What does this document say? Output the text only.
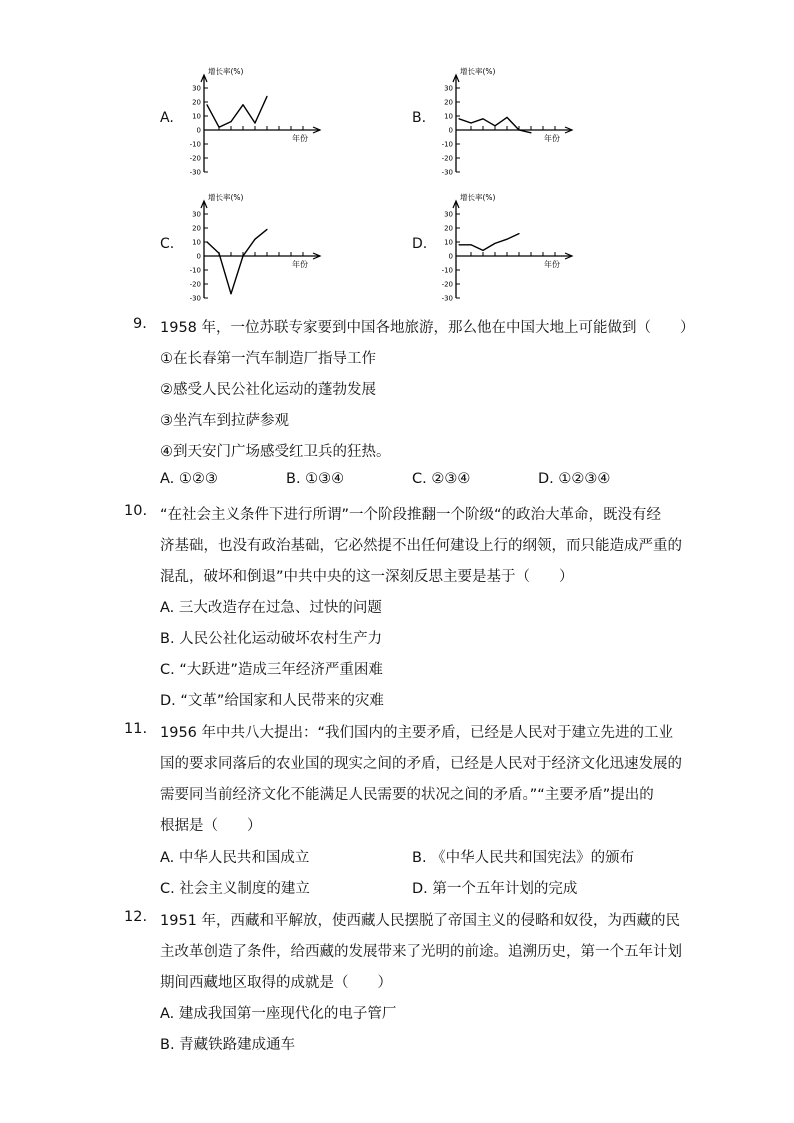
A.
30
20
10
0
-10
-20
-30
增长率(%)
年份
B.
30
20
10
0
-10
-20
-30
增长率(%)
年份
C.
30
20
10
0
-10
-20
-30
增长率(%)
年份
D.
30
20
10
0
-10
-20
-30
增长率(%)
年份
9. 1958 年，一位苏联专家要到中国各地旅游，那么他在中国大地上可能做到（　　）
①在长春第一汽车制造厂指导工作
②感受人民公社化运动的蓬勃发展
③坐汽车到拉萨参观
④到天安门广场感受红卫兵的狂热。
A. ①②③	B. ①③④	C. ②③④	D. ①②③④
10. “在社会主义条件下进行所谓”一个阶段推翻一个阶级“的政治大革命，既没有经
济基础，也没有政治基础，它必然提不出任何建设上行的纲领，而只能造成严重的
混乱，破坏和倒退”中共中央的这一深刻反思主要是基于（　　）
A. 三大改造存在过急、过快的问题
B. 人民公社化运动破坏农村生产力
C. “大跃进”造成三年经济严重困难
D. “文革”给国家和人民带来的灾难
11. 1956 年中共八大提出：“我们国内的主要矛盾，已经是人民对于建立先进的工业
国的要求同落后的农业国的现实之间的矛盾，已经是人民对于经济文化迅速发展的
需要同当前经济文化不能满足人民需要的状况之间的矛盾。”“主要矛盾”提出的
根据是（　　）
A. 中华人民共和国成立	B. 《中华人民共和国宪法》的颁布
C. 社会主义制度的建立	D. 第一个五年计划的完成
12. 1951 年，西藏和平解放，使西藏人民摆脱了帝国主义的侵略和奴役，为西藏的民
主改革创造了条件，给西藏的发展带来了光明的前途。追溯历史，第一个五年计划
期间西藏地区取得的成就是（　　）
A. 建成我国第一座现代化的电子管厂
B. 青藏铁路建成通车
